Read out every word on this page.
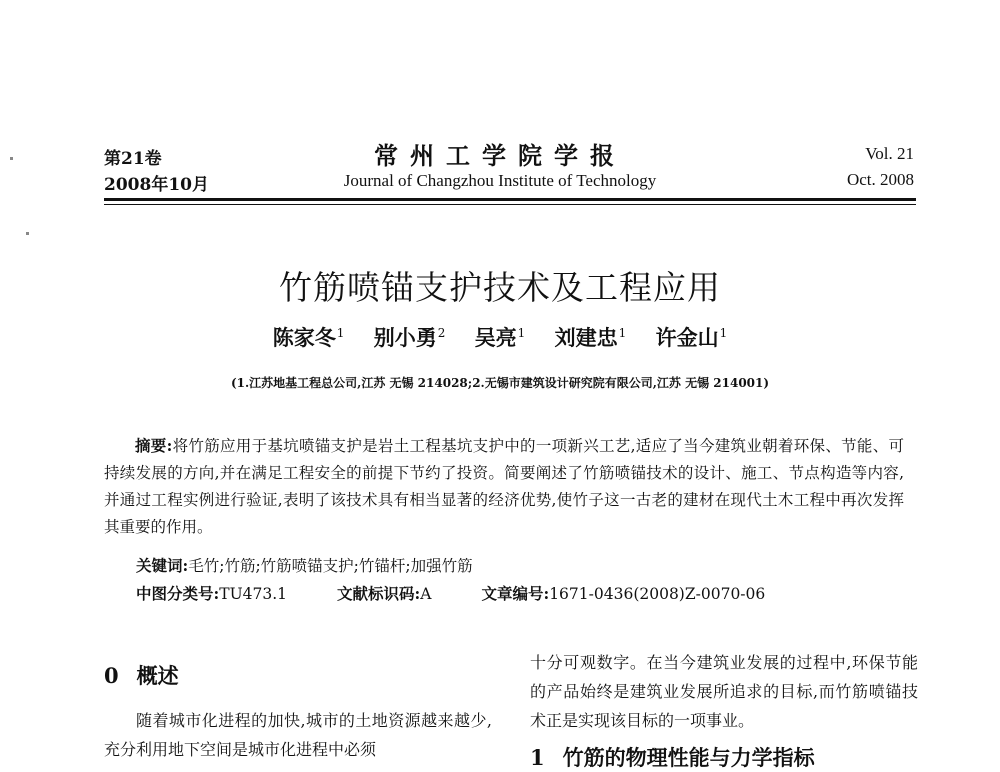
第21卷
2008年10月
常州工学院学报
Journal of Changzhou Institute of Technology
Vol. 21
Oct. 2008
竹筋喷锚支护技术及工程应用
陈家冬$^1$ 别小勇$^2$ 吴亮$^1$ 刘建忠$^1$ 许金山$^1$
(1.江苏地基工程总公司,江苏 无锡 214028;2.无锡市建筑设计研究院有限公司,江苏 无锡 214001)
摘要:将竹筋应用于基坑喷锚支护是岩土工程基坑支护中的一项新兴工艺,适应了当今建筑业朝着环保、节能、可持续发展的方向,并在满足工程安全的前提下节约了投资。简要阐述了竹筋喷锚技术的设计、施工、节点构造等内容,并通过工程实例进行验证,表明了该技术具有相当显著的经济优势,使竹子这一古老的建材在现代土木工程中再次发挥其重要的作用。
关键词:毛竹;竹筋;竹筋喷锚支护;竹锚杆;加强竹筋
中图分类号:TU473.1	文献标识码:A	文章编号:1671-0436(2008)Z-0070-06
0 概述
随着城市化进程的加快,城市的土地资源越来越少,充分利用地下空间是城市化进程中必须
十分可观数字。在当今建筑业发展的过程中,环保节能的产品始终是建筑业发展所追求的目标,而竹筋喷锚技术正是实现该目标的一项事业。
1 竹筋的物理性能与力学指标
